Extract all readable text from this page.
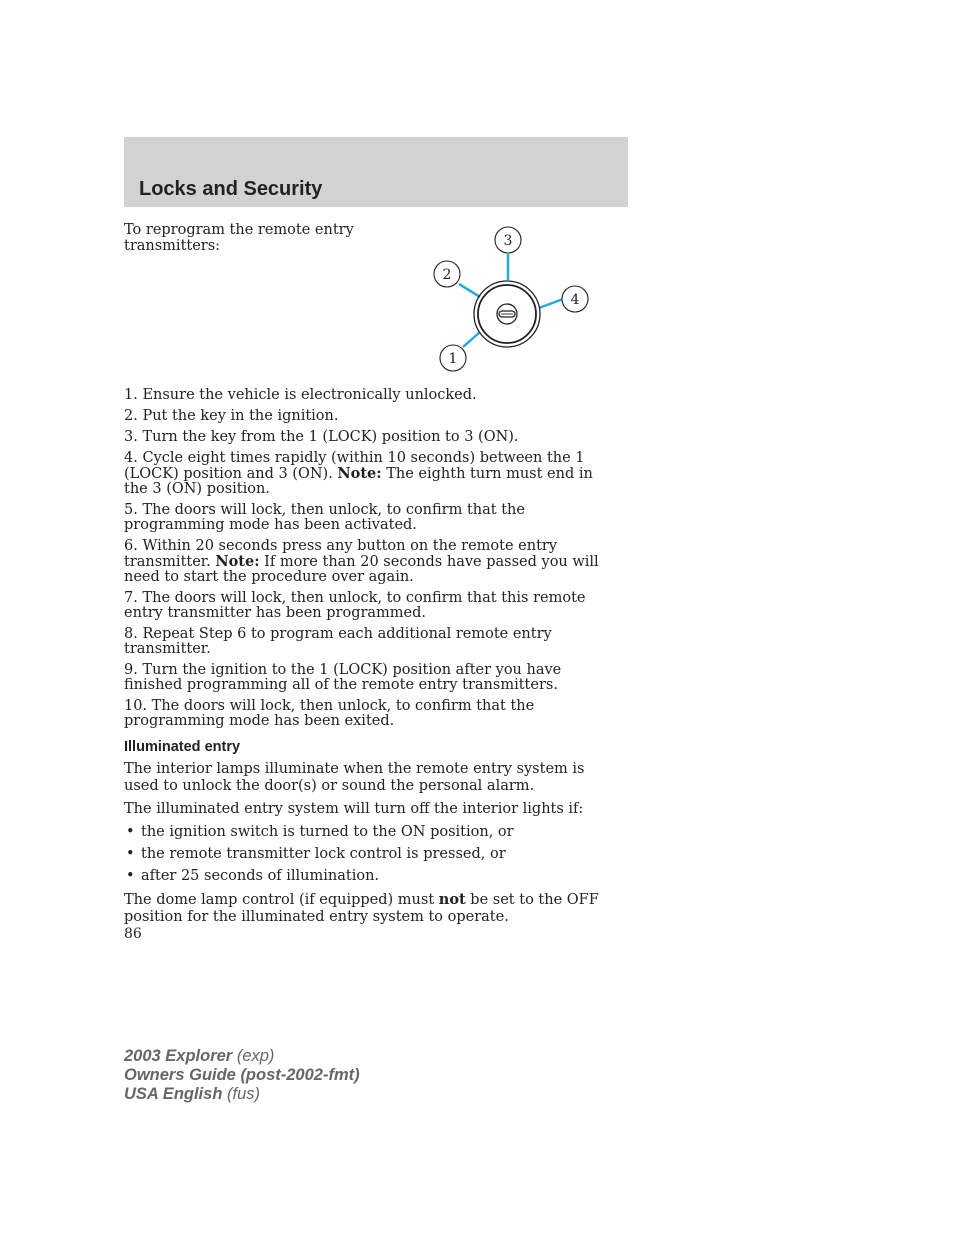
Locks and Security
To reprogram the remote entry transmitters:	3
2
4
1

1. Ensure the vehicle is electronically unlocked.

2. Put the key in the ignition.

3. Turn the key from the 1 (LOCK) position to 3 (ON).

4. Cycle eight times rapidly (within 10 seconds) between the 1 (LOCK) position and 3 (ON). Note: The eighth turn must end in the 3 (ON) position.

5. The doors will lock, then unlock, to confirm that the programming mode has been activated.

6. Within 20 seconds press any button on the remote entry transmitter. Note: If more than 20 seconds have passed you will need to start the procedure over again.

7. The doors will lock, then unlock, to confirm that this remote entry transmitter has been programmed.

8. Repeat Step 6 to program each additional remote entry transmitter.

9. Turn the ignition to the 1 (LOCK) position after you have finished programming all of the remote entry transmitters.

10. The doors will lock, then unlock, to confirm that the programming mode has been exited.

Illuminated entry

The interior lamps illuminate when the remote entry system is used to unlock the door(s) or sound the personal alarm.

The illuminated entry system will turn off the interior lights if:

• the ignition switch is turned to the ON position, or
• the remote transmitter lock control is pressed, or
• after 25 seconds of illumination.

The dome lamp control (if equipped) must not be set to the OFF position for the illuminated entry system to operate.

86
2003 Explorer (exp)
Owners Guide (post-2002-fmt)
USA English (fus)
